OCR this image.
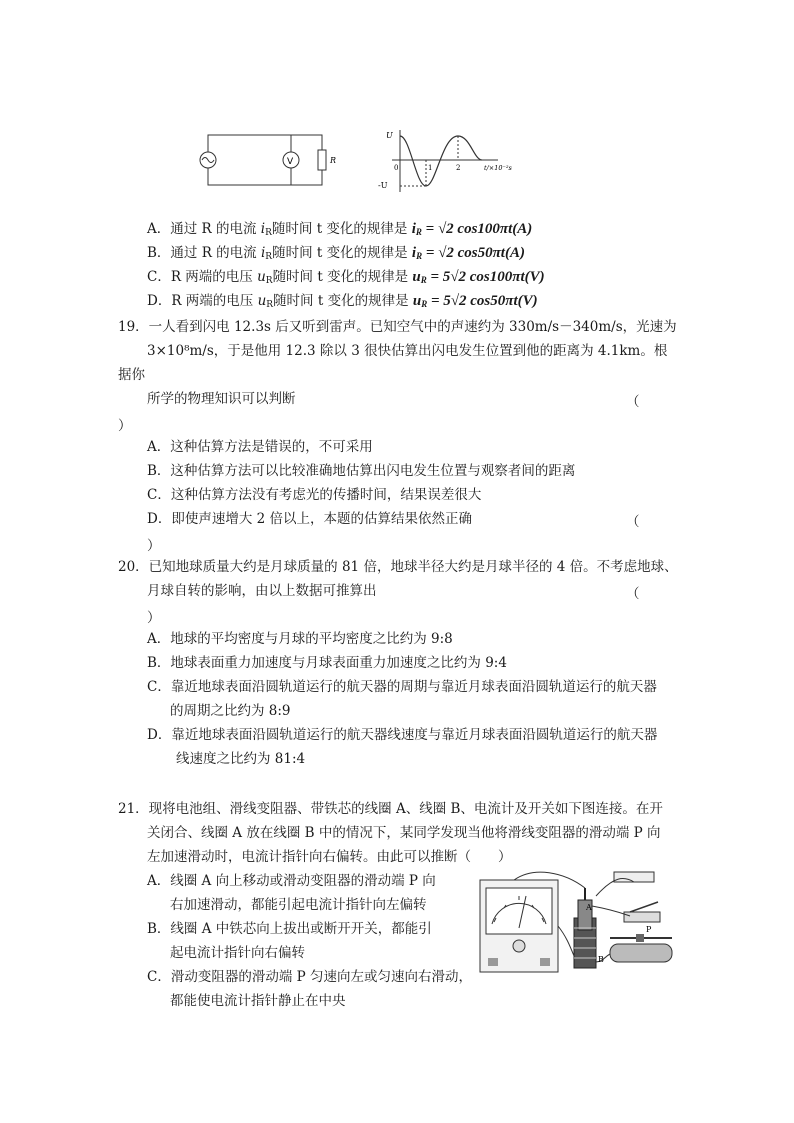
V	R
U
-U
0	1	2	t/×10⁻²s
A．通过 R 的电流 $i_R$随时间 t 变化的规律是 $i_R = √2$ cos100πt(A)
B．通过 R 的电流 $i_R$随时间 t 变化的规律是 $i_R = √2$ cos50πt(A)
C．R 两端的电压 $u_R$随时间 t 变化的规律是 $u_R = 5√2$ cos100πt(V)
D．R 两端的电压 $u_R$随时间 t 变化的规律是 $u_R = 5√2$ cos50πt(V)
19．一人看到闪电 12.3s 后又听到雷声。已知空气中的声速约为 330m/s－340m/s，光速为
3×10⁸m/s，于是他用 12.3 除以 3 很快估算出闪电发生位置到他的距离为 4.1km。根
据你
所学的物理知识可以判断	（
）
A．这种估算方法是错误的，不可采用
B．这种估算方法可以比较准确地估算出闪电发生位置与观察者间的距离
C．这种估算方法没有考虑光的传播时间，结果误差很大
D．即使声速增大 2 倍以上，本题的估算结果依然正确	（
）
20．已知地球质量大约是月球质量的 81 倍，地球半径大约是月球半径的 4 倍。不考虑地球、
月球自转的影响，由以上数据可推算出	（
）
A．地球的平均密度与月球的平均密度之比约为 9:8
B．地球表面重力加速度与月球表面重力加速度之比约为 9:4
C．靠近地球表面沿圆轨道运行的航天器的周期与靠近月球表面沿圆轨道运行的航天器
的周期之比约为 8:9
D．靠近地球表面沿圆轨道运行的航天器线速度与靠近月球表面沿圆轨道运行的航天器
线速度之比约为 81:4
21．现将电池组、滑线变阻器、带铁芯的线圈 A、线圈 B、电流计及开关如下图连接。在开
关闭合、线圈 A 放在线圈 B 中的情况下，某同学发现当他将滑线变阻器的滑动端 P 向
左加速滑动时，电流计指针向右偏转。由此可以推断（　　）
A．线圈 A 向上移动或滑动变阻器的滑动端 P 向
右加速滑动，都能引起电流计指针向左偏转
B．线圈 A 中铁芯向上拔出或断开开关，都能引
起电流计指针向右偏转
C．滑动变阻器的滑动端 P 匀速向左或匀速向右滑动，
都能使电流计指针静止在中央
A
B
P
